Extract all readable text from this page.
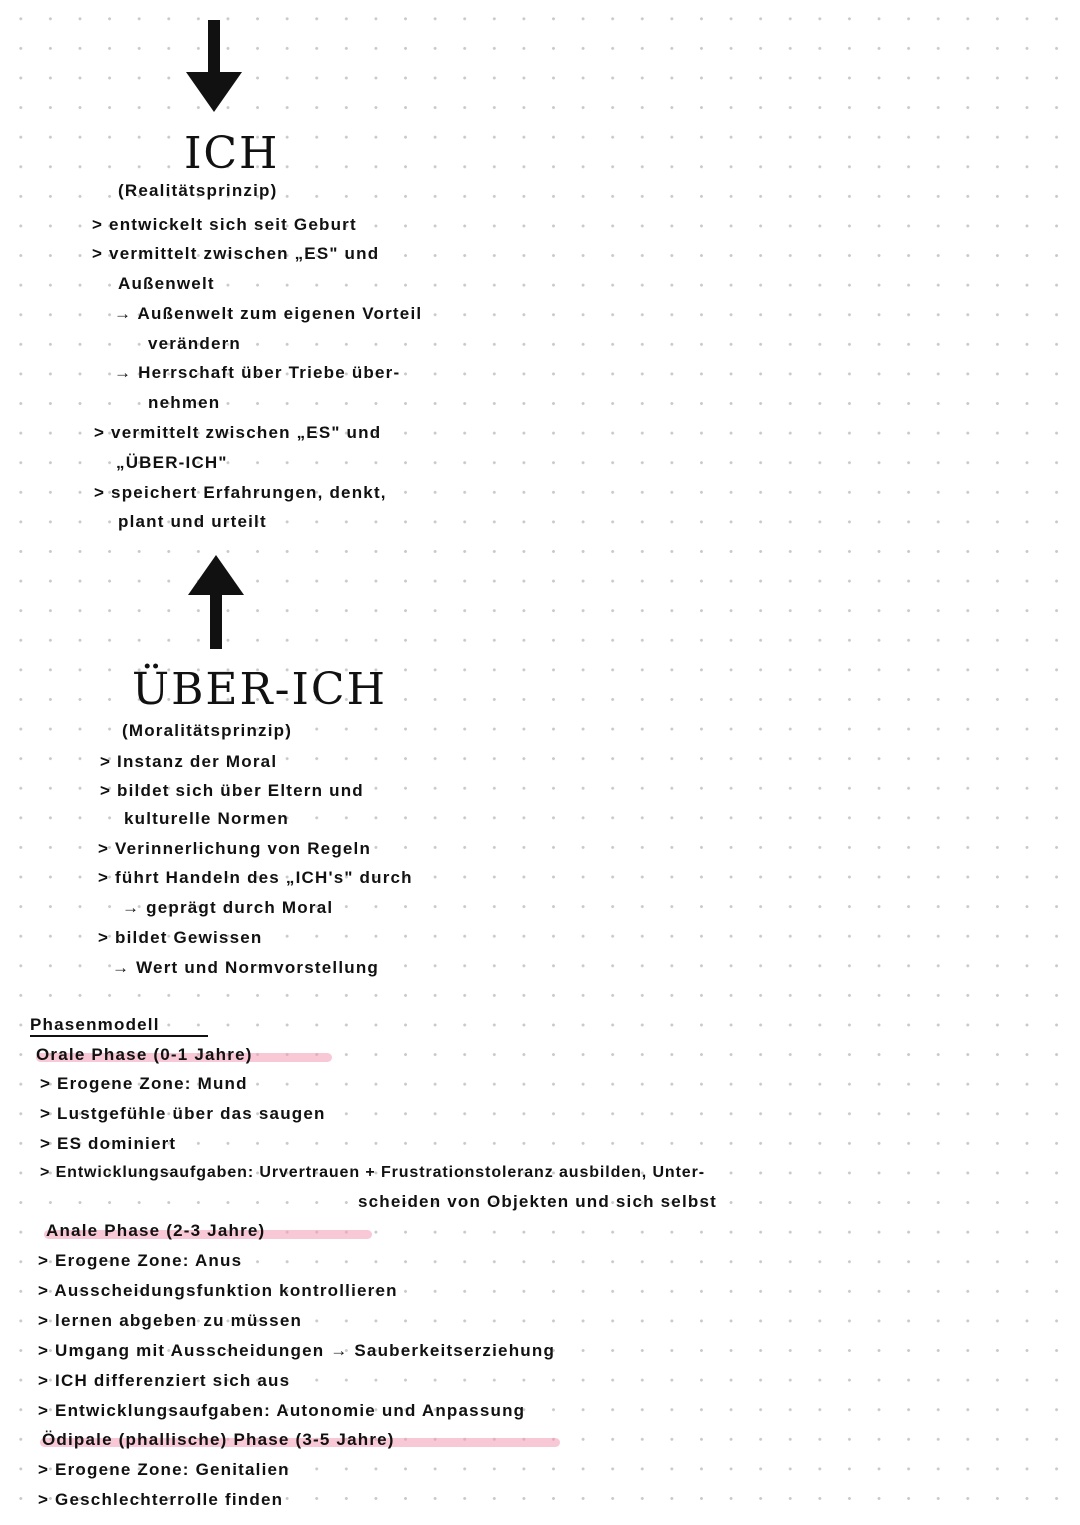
ICH
(Realitätsprinzip)
> entwickelt sich seit Geburt
> vermittelt zwischen „ES" und
Außenwelt
→ Außenwelt zum eigenen Vorteil
verändern
→ Herrschaft über Triebe über-
nehmen
> vermittelt zwischen „ES" und
„ÜBER-ICH"
> speichert Erfahrungen, denkt,
plant und urteilt
ÜBER-ICH
(Moralitätsprinzip)
> Instanz der Moral
> bildet sich über Eltern und
kulturelle Normen
> Verinnerlichung von Regeln
> führt Handeln des „ICH's" durch
→ geprägt durch Moral
> bildet Gewissen
→ Wert und Normvorstellung
Phasenmodell
Orale Phase (0-1 Jahre)
> Erogene Zone: Mund
> Lustgefühle über das saugen
> ES dominiert
> Entwicklungsaufgaben: Urvertrauen + Frustrationstoleranz ausbilden, Unter-
scheiden von Objekten und sich selbst
Anale Phase (2-3 Jahre)
> Erogene Zone: Anus
> Ausscheidungsfunktion kontrollieren
> lernen abgeben zu müssen
> Umgang mit Ausscheidungen → Sauberkeitserziehung
> ICH differenziert sich aus
> Entwicklungsaufgaben: Autonomie und Anpassung
Ödipale (phallische) Phase (3-5 Jahre)
> Erogene Zone: Genitalien
> Geschlechterrolle finden
